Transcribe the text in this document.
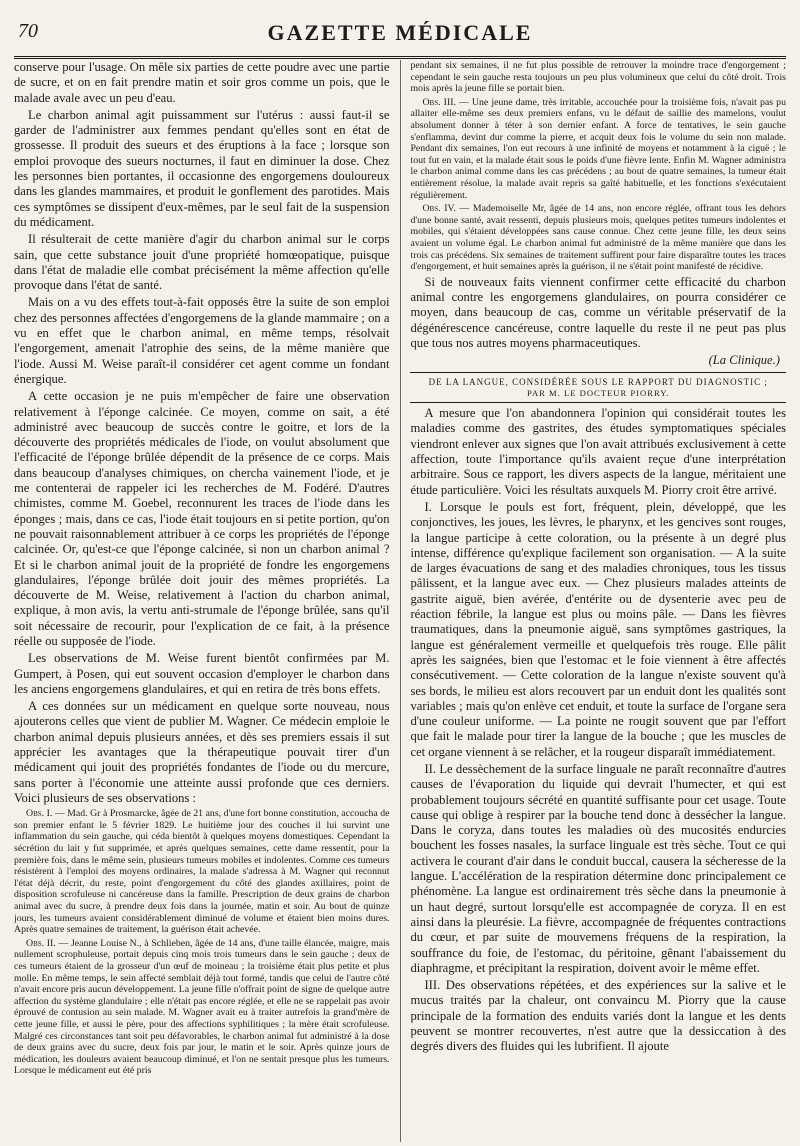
70	GAZETTE MÉDICALE

conserve pour l'usage. On mêle six parties de cette poudre avec une partie de sucre, et on en fait prendre matin et soir gros comme un pois, que le malade avale avec un peu d'eau.

Le charbon animal agit puissamment sur l'utérus : aussi faut-il se garder de l'administrer aux femmes pendant qu'elles sont en état de grossesse. Il produit des sueurs et des éruptions à la face ; lorsque son emploi provoque des sueurs nocturnes, il faut en diminuer la dose. Chez les personnes bien portantes, il occasionne des engorgemens douloureux dans les glandes mammaires, et produit le gonflement des parotides. Mais ces symptômes se dissipent d'eux-mêmes, par le seul fait de la suspension du médicament.

Il résulterait de cette manière d'agir du charbon animal sur le corps sain, que cette substance jouit d'une propriété homœopatique, puisque dans l'état de maladie elle combat précisément la même affection qu'elle provoque dans l'état de santé.

Mais on a vu des effets tout-à-fait opposés être la suite de son emploi chez des personnes affectées d'engorgemens de la glande mammaire ; on a vu en effet que le charbon animal, en même temps, résolvait l'engorgement, amenait l'atrophie des seins, de la même manière que l'iode. Aussi M. Weise paraît-il considérer cet agent comme un fondant énergique.

A cette occasion je ne puis m'empêcher de faire une observation relativement à l'éponge calcinée. Ce moyen, comme on sait, a été administré avec beaucoup de succès contre le goitre, et lors de la découverte des propriétés médicales de l'iode, on voulut absolument que l'efficacité de l'éponge brûlée dépendit de la présence de ce corps. Mais dans beaucoup d'analyses chimiques, on chercha vainement l'iode, et je me contenterai de rappeler ici les recherches de M. Fodéré. D'autres chimistes, comme M. Goebel, reconnurent les traces de l'iode dans les éponges ; mais, dans ce cas, l'iode était toujours en si petite portion, qu'on ne pouvait raisonnablement attribuer à ce corps les propriétés de l'éponge calcinée. Or, qu'est-ce que l'éponge calcinée, si non un charbon animal ? Et si le charbon animal jouit de la propriété de fondre les engorgemens glandulaires, l'éponge brûlée doit jouir des mêmes propriétés. La découverte de M. Weise, relativement à l'action du charbon animal, explique, à mon avis, la vertu anti-strumale de l'éponge brûlée, sans qu'il soit nécessaire de recourir, pour l'explication de ce fait, à la présence réelle ou supposée de l'iode.

Les observations de M. Weise furent bientôt confirmées par M. Gumpert, à Posen, qui eut souvent occasion d'employer le charbon dans les anciens engorgemens glandulaires, et qui en retira de très bons effets.

A ces données sur un médicament en quelque sorte nouveau, nous ajouterons celles que vient de publier M. Wagner. Ce médecin emploie le charbon animal depuis plusieurs années, et dès ses premiers essais il sut apprécier les avantages que la thérapeutique pouvait tirer d'un médicament qui jouit des propriétés fondantes de l'iode ou du mercure, sans porter à l'économie une atteinte aussi profonde que ces derniers. Voici plusieurs de ses observations :

Obs. I. — Mad. Gr à Prosmarcke, âgée de 21 ans, d'une fort bonne constitution, accoucha de son premier enfant le 5 février 1829. Le huitième jour des couches il lui survint une inflammation du sein gauche, qui céda bientôt à quelques moyens domestiques. Cependant la sécrétion du lait y fut supprimée, et après quelques semaines, cette dame ressentit, pour la première fois, dans le même sein, plusieurs tumeurs mobiles et indolentes. Comme ces tumeurs résistèrent à l'emploi des moyens ordinaires, la malade s'adressa à M. Wagner qui reconnut l'état déjà décrit, du reste, point d'engorgement du côté des glandes axillaires, point de disposition scrofuleuse ni cancéreuse dans la famille. Prescription de deux grains de charbon animal avec du sucre, à prendre deux fois dans la journée, matin et soir. Au bout de quinze jours, les tumeurs avaient considérablement diminué de volume et étaient bien moins dures. Après quatre semaines de traitement, la guérison était achevée.

Obs. II. — Jeanne Louise N., à Schlieben, âgée de 14 ans, d'une taille élancée, maigre, mais nullement scrophuleuse, portait depuis cinq mois trois tumeurs dans le sein gauche ; deux de ces tumeurs étaient de la grosseur d'un œuf de moineau ; la troisième était plus petite et plus molle. En même temps, le sein affecté semblait déjà tout formé, tandis que celui de l'autre côté n'avait encore pris aucun développement. La jeune fille n'offrait point de signe de quelque autre affection du système glandulaire ; elle n'était pas encore réglée, et elle ne se rappelait pas avoir éprouvé de contusion au sein malade. M. Wagner avait eu à traiter autrefois la grand'mère de cette jeune fille, et aussi le père, pour des affections syphilitiques ; la mère était scrofuleuse. Malgré ces circonstances tant soit peu défavorables, le charbon animal fut administré à la dose de deux grains avec du sucre, deux fois par jour, le matin et le soir. Après quinze jours de médication, les douleurs avaient beaucoup diminué, et l'on ne sentait presque plus les tumeurs. Lorsque le médicament eut été pris

pendant six semaines, il ne fut plus possible de retrouver la moindre trace d'engorgement ; cependant le sein gauche resta toujours un peu plus volumineux que celui du côté droit. Trois mois après la jeune fille se portait bien.

Obs. III. — Une jeune dame, très irritable, accouchée pour la troisième fois, n'avait pas pu allaiter elle-même ses deux premiers enfans, vu le défaut de saillie des mamelons, voulut absolument donner à téter à son dernier enfant. A force de tentatives, le sein gauche s'enflamma, devint dur comme la pierre, et acquit deux fois le volume du sein non malade. Pendant dix semaines, l'on eut recours à une infinité de moyens et notamment à la ciguë ; le tout fut en vain, et la malade était sous le poids d'une fièvre lente. Enfin M. Wagner administra le charbon animal comme dans les cas précédens ; au bout de quatre semaines, la tumeur était entièrement résolue, la malade avait repris sa gaîté habituelle, et les fonctions s'exécutaient régulièrement.

Obs. IV. — Mademoiselle Mr, âgée de 14 ans, non encore réglée, offrant tous les dehors d'une bonne santé, avait ressenti, depuis plusieurs mois, quelques petites tumeurs indolentes et mobiles, qui s'étaient développées sans cause connue. Chez cette jeune fille, les deux seins avaient un volume égal. Le charbon animal fut administré de la même manière que dans les trois cas précédens. Six semaines de traitement suffirent pour faire disparaître toutes les traces d'engorgement, et huit semaines après la guérison, il ne s'était point manifesté de récidive.

Si de nouveaux faits viennent confirmer cette efficacité du charbon animal contre les engorgemens glandulaires, on pourra considérer ce moyen, dans beaucoup de cas, comme un véritable préservatif de la dégénérescence cancéreuse, contre laquelle du reste il ne peut pas plus que tous nos autres moyens pharmaceutiques.

(La Clinique.)
DE LA LANGUE, CONSIDÉRÉE SOUS LE RAPPORT DU DIAGNOSTIC ;
PAR M. LE DOCTEUR PIORRY.

A mesure que l'on abandonnera l'opinion qui considérait toutes les maladies comme des gastrites, des études symptomatiques spéciales viendront enlever aux signes que l'on avait attribués exclusivement à cette affection, toute l'importance qu'ils avaient reçue d'une interprétation arbitraire. Sous ce rapport, les divers aspects de la langue, méritaient une étude particulière. Voici les résultats auxquels M. Piorry croit être arrivé.

I. Lorsque le pouls est fort, fréquent, plein, développé, que les conjonctives, les joues, les lèvres, le pharynx, et les gencives sont rouges, la langue participe à cette coloration, ou la présente à un degré plus intense, différence qu'explique facilement son organisation. — A la suite de larges évacuations de sang et des maladies chroniques, tous les tissus pâlissent, et la langue avec eux. — Chez plusieurs malades atteints de gastrite aiguë, bien avérée, d'entérite ou de dysenterie avec peu de réaction fébrile, la langue est plus ou moins pâle. — Dans les fièvres traumatiques, dans la pneumonie aiguë, sans symptômes gastriques, la langue est généralement vermeille et quelquefois très rouge. Elle pâlit après les saignées, bien que l'estomac et le foie viennent à être affectés consécutivement. — Cette coloration de la langue n'existe souvent qu'à ses bords, le milieu est alors recouvert par un enduit dont les qualités sont variables ; mais qu'on enlève cet enduit, et toute la surface de l'organe sera d'une couleur uniforme. — La pointe ne rougit souvent que par l'effort que fait le malade pour tirer la langue de la bouche ; que les muscles de cet organe viennent à se relâcher, et la rougeur disparaît immédiatement.

II. Le dessèchement de la surface linguale ne paraît reconnaître d'autres causes de l'évaporation du liquide qui devrait l'humecter, et qui est probablement toujours sécrété en quantité suffisante pour cet usage. Toute cause qui oblige à respirer par la bouche tend donc à dessécher la langue. Dans le coryza, dans toutes les maladies où des mucosités endurcies bouchent les fosses nasales, la surface linguale est très sèche. Tout ce qui activera le courant d'air dans le conduit buccal, causera la sécheresse de la langue. L'accélération de la respiration détermine donc principalement ce phénomène. La langue est ordinairement très sèche dans la pneumonie à un haut degré, surtout lorsqu'elle est accompagnée de coryza. Il en est ainsi dans la pleurésie. La fièvre, accompagnée de fréquentes contractions du cœur, et par suite de mouvemens fréquens de la respiration, la souffrance du foie, de l'estomac, du péritoine, gênant l'abaissement du diaphragme, et précipitant la respiration, doivent avoir le même effet.

III. Des observations répétées, et des expériences sur la salive et le mucus traités par la chaleur, ont convaincu M. Piorry que la cause principale de la formation des enduits variés dont la langue et les dents peuvent se montrer recouvertes, n'est autre que la dessiccation à des degrés divers des fluides qui les lubrifient. Il ajoute
